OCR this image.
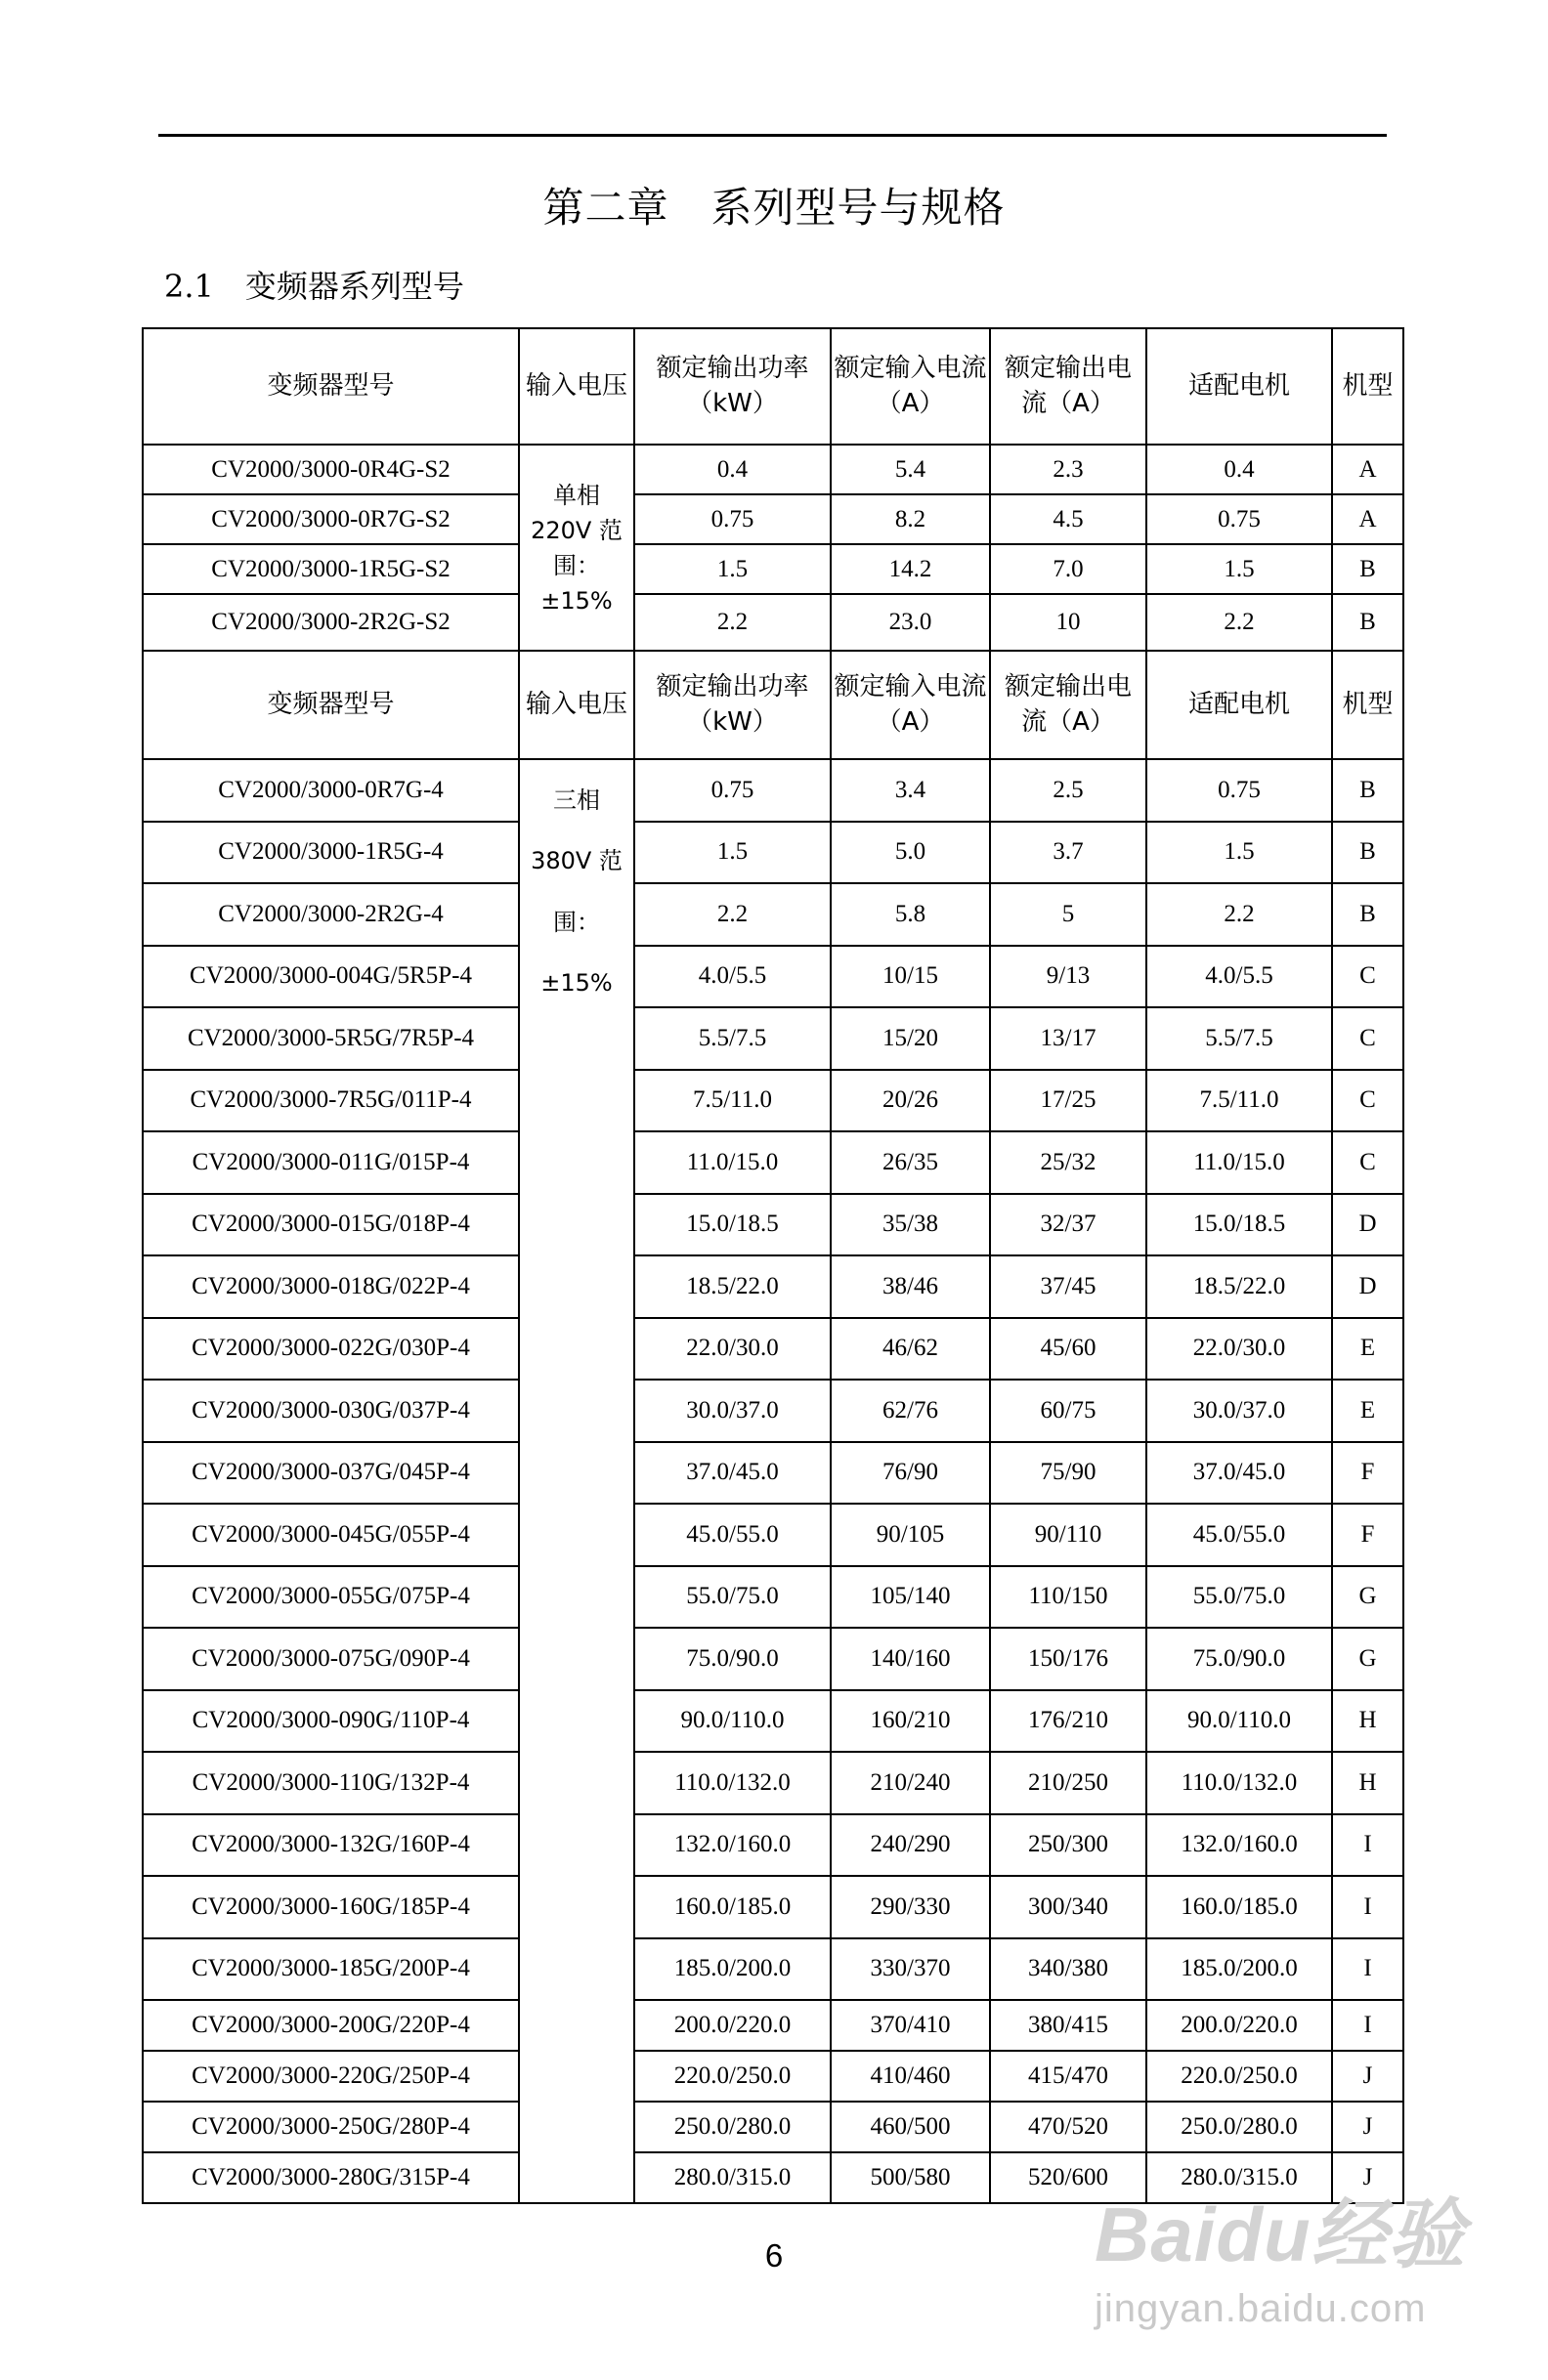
第二章　系列型号与规格
2.1　变频器系列型号
变频器型号	输入电压	额定输出功率（kW）	额定输入电流（A）	额定输出电流（A）	适配电机	机型
CV2000/3000-0R4G-S2	单相 220V 范围：±15%	0.4	5.4	2.3	0.4	A
CV2000/3000-0R7G-S2		0.75	8.2	4.5	0.75	A
CV2000/3000-1R5G-S2		1.5	14.2	7.0	1.5	B
CV2000/3000-2R2G-S2		2.2	23.0	10	2.2	B
变频器型号	输入电压	额定输出功率（kW）	额定输入电流（A）	额定输出电流（A）	适配电机	机型
CV2000/3000-0R7G-4	三相 380V 范围：±15%	0.75	3.4	2.5	0.75	B
CV2000/3000-1R5G-4		1.5	5.0	3.7	1.5	B
CV2000/3000-2R2G-4		2.2	5.8	5	2.2	B
CV2000/3000-004G/5R5P-4		4.0/5.5	10/15	9/13	4.0/5.5	C
CV2000/3000-5R5G/7R5P-4		5.5/7.5	15/20	13/17	5.5/7.5	C
CV2000/3000-7R5G/011P-4		7.5/11.0	20/26	17/25	7.5/11.0	C
CV2000/3000-011G/015P-4		11.0/15.0	26/35	25/32	11.0/15.0	C
CV2000/3000-015G/018P-4		15.0/18.5	35/38	32/37	15.0/18.5	D
CV2000/3000-018G/022P-4		18.5/22.0	38/46	37/45	18.5/22.0	D
CV2000/3000-022G/030P-4		22.0/30.0	46/62	45/60	22.0/30.0	E
CV2000/3000-030G/037P-4		30.0/37.0	62/76	60/75	30.0/37.0	E
CV2000/3000-037G/045P-4		37.0/45.0	76/90	75/90	37.0/45.0	F
CV2000/3000-045G/055P-4		45.0/55.0	90/105	90/110	45.0/55.0	F
CV2000/3000-055G/075P-4		55.0/75.0	105/140	110/150	55.0/75.0	G
CV2000/3000-075G/090P-4		75.0/90.0	140/160	150/176	75.0/90.0	G
CV2000/3000-090G/110P-4		90.0/110.0	160/210	176/210	90.0/110.0	H
CV2000/3000-110G/132P-4		110.0/132.0	210/240	210/250	110.0/132.0	H
CV2000/3000-132G/160P-4		132.0/160.0	240/290	250/300	132.0/160.0	I
CV2000/3000-160G/185P-4		160.0/185.0	290/330	300/340	160.0/185.0	I
CV2000/3000-185G/200P-4		185.0/200.0	330/370	340/380	185.0/200.0	I
CV2000/3000-200G/220P-4		200.0/220.0	370/410	380/415	200.0/220.0	I
CV2000/3000-220G/250P-4		220.0/250.0	410/460	415/470	220.0/250.0	J
CV2000/3000-250G/280P-4		250.0/280.0	460/500	470/520	250.0/280.0	J
CV2000/3000-280G/315P-4		280.0/315.0	500/580	520/600	280.0/315.0	J
6	Baidu经验
jingyan.baidu.com
